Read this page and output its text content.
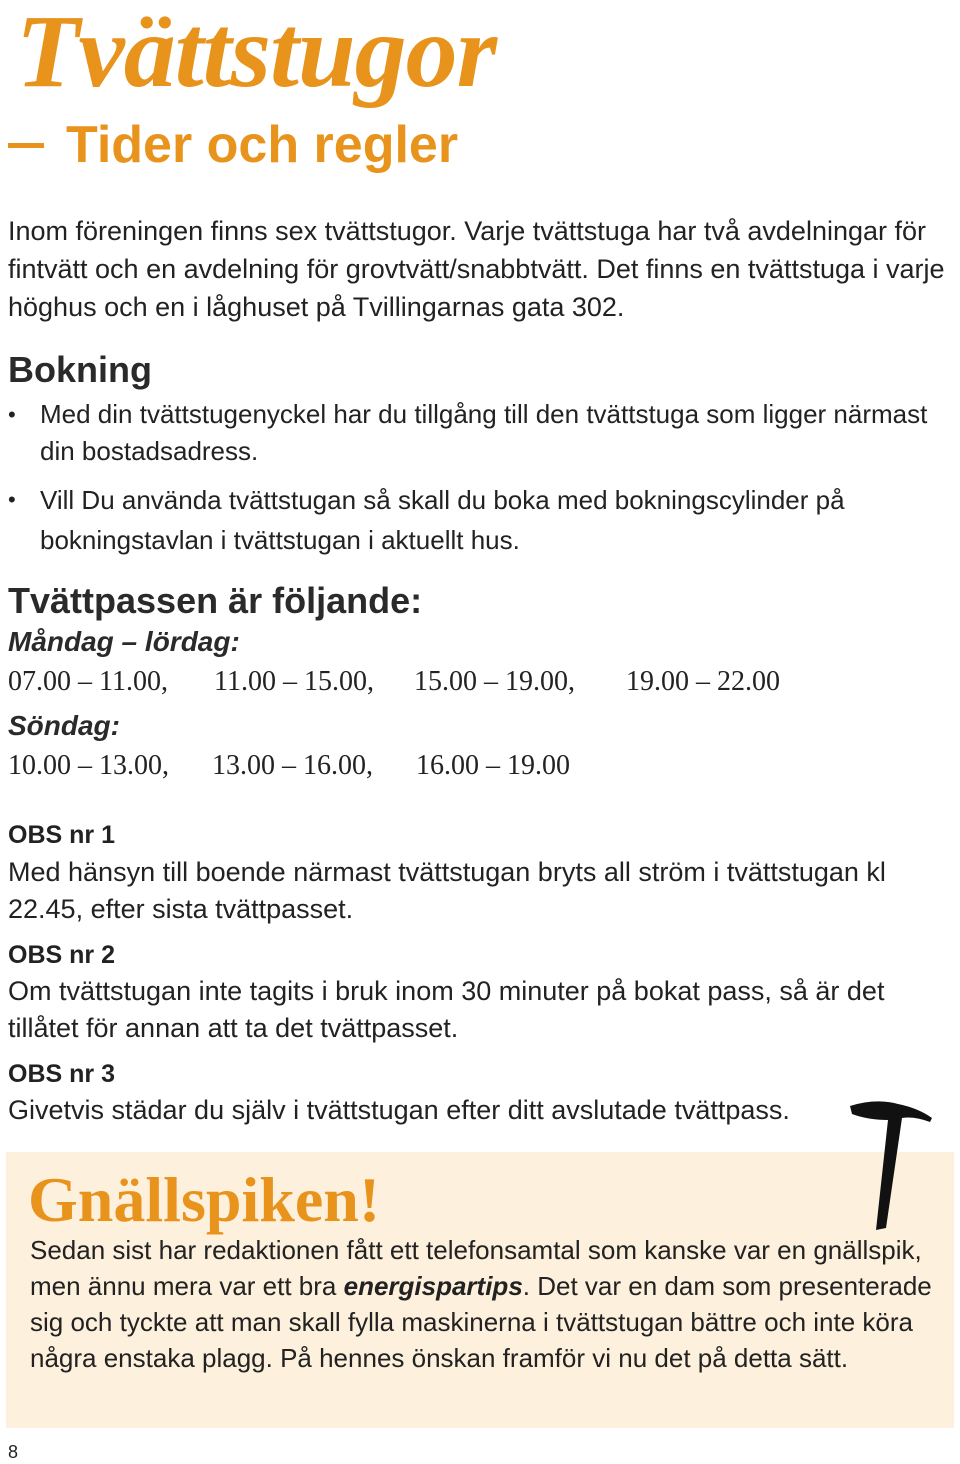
Tvättstugor
Tider och regler

Inom föreningen finns sex tvättstugor. Varje tvättstuga har två avdelningar för fintvätt och en avdelning för grovtvätt/snabbtvätt. Det finns en tvättstuga i varje höghus och en i låghuset på Tvillingarnas gata 302.

Bokning
• Med din tvättstugenyckel har du tillgång till den tvättstuga som ligger närmast din bostadsadress.
• Vill Du använda tvättstugan så skall du boka med bokningscylinder på bokningstavlan i tvättstugan i aktuellt hus.
Tvättpassen är följande:
Måndag – lördag:
07.00 – 11.00, 11.00 – 15.00, 15.00 – 19.00, 19.00 – 22.00
Söndag:
10.00 – 13.00, 13.00 – 16.00, 16.00 – 19.00
OBS nr 1

Med hänsyn till boende närmast tvättstugan bryts all ström i tvättstugan kl 22.45, efter sista tvättpasset.

OBS nr 2

Om tvättstugan inte tagits i bruk inom 30 minuter på bokat pass, så är det tillåtet för annan att ta det tvättpasset.

OBS nr 3

Givetvis städar du själv i tvättstugan efter ditt avslutade tvättpass.

Gnällspiken!

Sedan sist har redaktionen fått ett telefonsamtal som kanske var en gnällspik, men ännu mera var ett bra energispartips. Det var en dam som presenterade sig och tyckte att man skall fylla maskinerna i tvättstugan bättre och inte köra några enstaka plagg. På hennes önskan framför vi nu det på detta sätt.

8
